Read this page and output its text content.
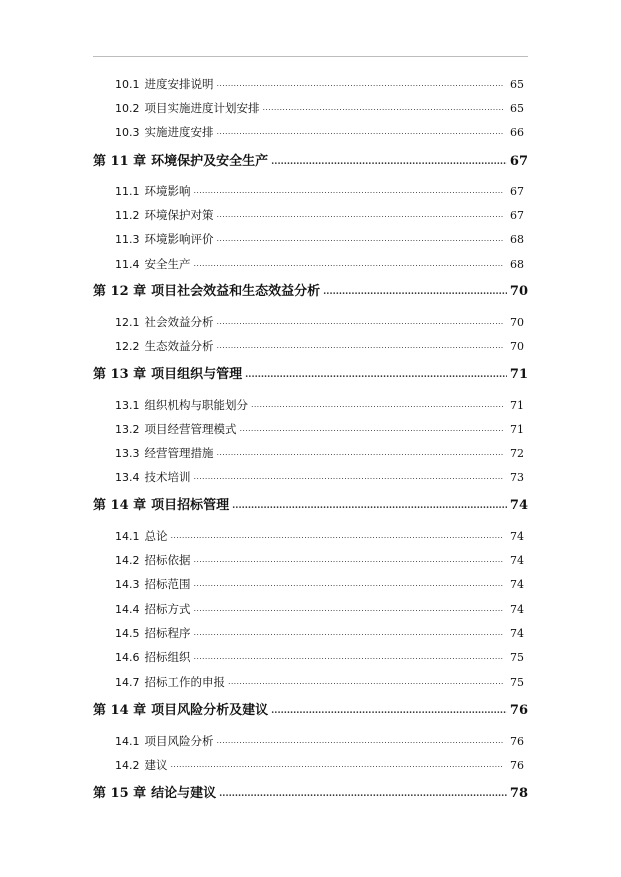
10.1 进度安排说明 .....	65
10.2 项目实施进度计划安排 .....	65
10.3 实施进度安排 .....	66
第 11 章 环境保护及安全生产 .....	67
11.1 环境影响 .....	67
11.2 环境保护对策 .....	67
11.3 环境影响评价 .....	68
11.4 安全生产 .....	68
第 12 章 项目社会效益和生态效益分析 .....	70
12.1 社会效益分析 .....	70
12.2 生态效益分析 .....	70
第 13 章 项目组织与管理 .....	71
13.1 组织机构与职能划分 .....	71
13.2 项目经营管理模式 .....	71
13.3 经营管理措施 .....	72
13.4 技术培训 .....	73
第 14 章 项目招标管理 .....	74
14.1 总论 .....	74
14.2 招标依据 .....	74
14.3 招标范围 .....	74
14.4 招标方式 .....	74
14.5 招标程序 .....	74
14.6 招标组织 .....	75
14.7 招标工作的申报 .....	75
第 14 章 项目风险分析及建议 .....	76
14.1 项目风险分析 .....	76
14.2 建议 .....	76
第 15 章 结论与建议 .....	78
